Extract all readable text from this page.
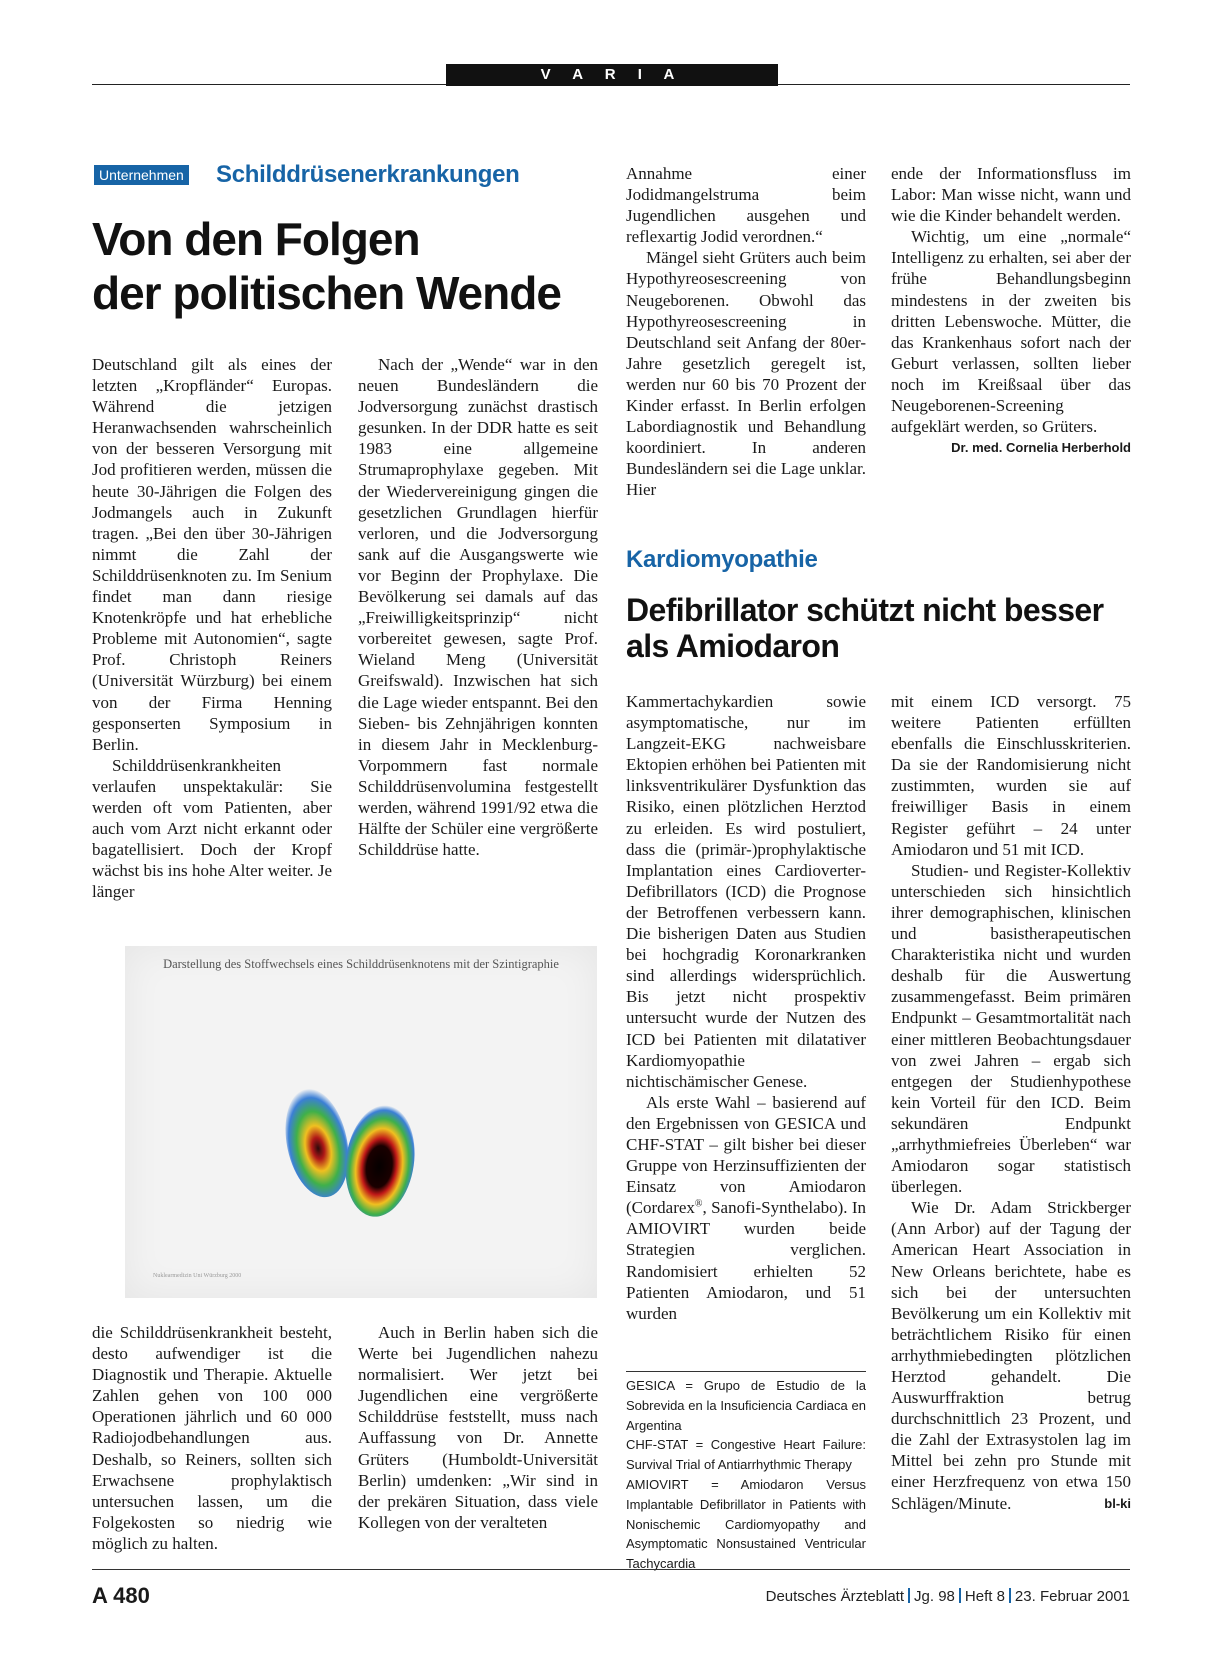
V A R I A
Unternehmen Schilddrüsenerkrankungen
Von den Folgen
der politischen Wende

Deutschland gilt als eines der letzten „Kropfländer“ Europas. Während die jetzigen Heranwachsenden wahrscheinlich von der besseren Versorgung mit Jod profitieren werden, müssen die heute 30-Jährigen die Folgen des Jodmangels auch in Zukunft tragen. „Bei den über 30-Jährigen nimmt die Zahl der Schilddrüsenknoten zu. Im Senium findet man dann riesige Knotenkröpfe und hat erhebliche Probleme mit Autonomien“, sagte Prof. Christoph Reiners (Universität Würzburg) bei einem von der Firma Henning gesponserten Symposium in Berlin.

Schilddrüsenkrankheiten verlaufen unspektakulär: Sie werden oft vom Patienten, aber auch vom Arzt nicht erkannt oder bagatellisiert. Doch der Kropf wächst bis ins hohe Alter weiter. Je länger

Nach der „Wende“ war in den neuen Bundesländern die Jodversorgung zunächst drastisch gesunken. In der DDR hatte es seit 1983 eine allgemeine Strumaprophylaxe gegeben. Mit der Wiedervereinigung gingen die gesetzlichen Grundlagen hierfür verloren, und die Jodversorgung sank auf die Ausgangswerte wie vor Beginn der Prophylaxe. Die Bevölkerung sei damals auf das „Freiwilligkeitsprinzip“ nicht vorbereitet gewesen, sagte Prof. Wieland Meng (Universität Greifswald). Inzwischen hat sich die Lage wieder entspannt. Bei den Sieben- bis Zehnjährigen konnten in diesem Jahr in Mecklenburg-Vorpommern fast normale Schilddrüsenvolumina festgestellt werden, während 1991/92 etwa die Hälfte der Schüler eine vergrößerte Schilddrüse hatte.

Annahme einer Jodidmangelstruma beim Jugendlichen ausgehen und reflexartig Jodid verordnen.“

Mängel sieht Grüters auch beim Hypothyreosescreening von Neugeborenen. Obwohl das Hypothyreosescreening in Deutschland seit Anfang der 80er-Jahre gesetzlich geregelt ist, werden nur 60 bis 70 Prozent der Kinder erfasst. In Berlin erfolgen Labordiagnostik und Behandlung koordiniert. In anderen Bundesländern sei die Lage unklar. Hier

ende der Informationsfluss im Labor: Man wisse nicht, wann und wie die Kinder behandelt werden.

Wichtig, um eine „normale“ Intelligenz zu erhalten, sei aber der frühe Behandlungsbeginn mindestens in der zweiten bis dritten Lebenswoche. Mütter, die das Krankenhaus sofort nach der Geburt verlassen, sollten lieber noch im Kreißsaal über das Neugeborenen-Screening aufgeklärt werden, so Grüters.

Dr. med. Cornelia Herberhold
Darstellung des Stoffwechsels eines Schilddrüsenknotens mit der Szintigraphie
Nuklearmedizin Uni Würzburg 2000

die Schilddrüsenkrankheit besteht, desto aufwendiger ist die Diagnostik und Therapie. Aktuelle Zahlen gehen von 100 000 Operationen jährlich und 60 000 Radiojodbehandlungen aus. Deshalb, so Reiners, sollten sich Erwachsene prophylaktisch untersuchen lassen, um die Folgekosten so niedrig wie möglich zu halten.

Auch in Berlin haben sich die Werte bei Jugendlichen nahezu normalisiert. Wer jetzt bei Jugendlichen eine vergrößerte Schilddrüse feststellt, muss nach Auffassung von Dr. Annette Grüters (Humboldt-Universität Berlin) umdenken: „Wir sind in der prekären Situation, dass viele Kollegen von der veralteten

Kardiomyopathie
Defibrillator schützt nicht besser
als Amiodaron

Kammertachykardien sowie asymptomatische, nur im Langzeit-EKG nachweisbare Ektopien erhöhen bei Patienten mit linksventrikulärer Dysfunktion das Risiko, einen plötzlichen Herztod zu erleiden. Es wird postuliert, dass die (primär-)prophylaktische Implantation eines Cardioverter-Defibrillators (ICD) die Prognose der Betroffenen verbessern kann. Die bisherigen Daten aus Studien bei hochgradig Koronarkranken sind allerdings widersprüchlich. Bis jetzt nicht prospektiv untersucht wurde der Nutzen des ICD bei Patienten mit dilatativer Kardiomyopathie nichtischämischer Genese.

Als erste Wahl – basierend auf den Ergebnissen von GESICA und CHF-STAT – gilt bisher bei dieser Gruppe von Herzinsuffizienten der Einsatz von Amiodaron (Cordarex®, Sanofi-Synthelabo). In AMIOVIRT wurden beide Strategien verglichen. Randomisiert erhielten 52 Patienten Amiodaron, und 51 wurden

GESICA = Grupo de Estudio de la Sobrevida en la Insuficiencia Cardiaca en Argentina

CHF-STAT = Congestive Heart Failure: Survival Trial of Antiarrhythmic Therapy

AMIOVIRT = Amiodaron Versus Implantable Defibrillator in Patients with Nonischemic Cardiomyopathy and Asymptomatic Nonsustained Ventricular Tachycardia

mit einem ICD versorgt. 75 weitere Patienten erfüllten ebenfalls die Einschlusskriterien. Da sie der Randomisierung nicht zustimmten, wurden sie auf freiwilliger Basis in einem Register geführt – 24 unter Amiodaron und 51 mit ICD.

Studien- und Register-Kollektiv unterschieden sich hinsichtlich ihrer demographischen, klinischen und basistherapeutischen Charakteristika nicht und wurden deshalb für die Auswertung zusammengefasst. Beim primären Endpunkt – Gesamtmortalität nach einer mittleren Beobachtungsdauer von zwei Jahren – ergab sich entgegen der Studienhypothese kein Vorteil für den ICD. Beim sekundären Endpunkt „arrhythmiefreies Überleben“ war Amiodaron sogar statistisch überlegen.

Wie Dr. Adam Strickberger (Ann Arbor) auf der Tagung der American Heart Association in New Orleans berichtete, habe es sich bei der untersuchten Bevölkerung um ein Kollektiv mit beträchtlichem Risiko für einen arrhythmiebedingten plötzlichen Herztod gehandelt. Die Auswurffraktion betrug durchschnittlich 23 Prozent, und die Zahl der Extrasystolen lag im Mittel bei zehn pro Stunde mit einer Herzfrequenz von etwa 150 Schlägen/Minute.	bl-ki

A 480	Deutsches Ärzteblatt Jg. 98 Heft 8 23. Februar 2001
